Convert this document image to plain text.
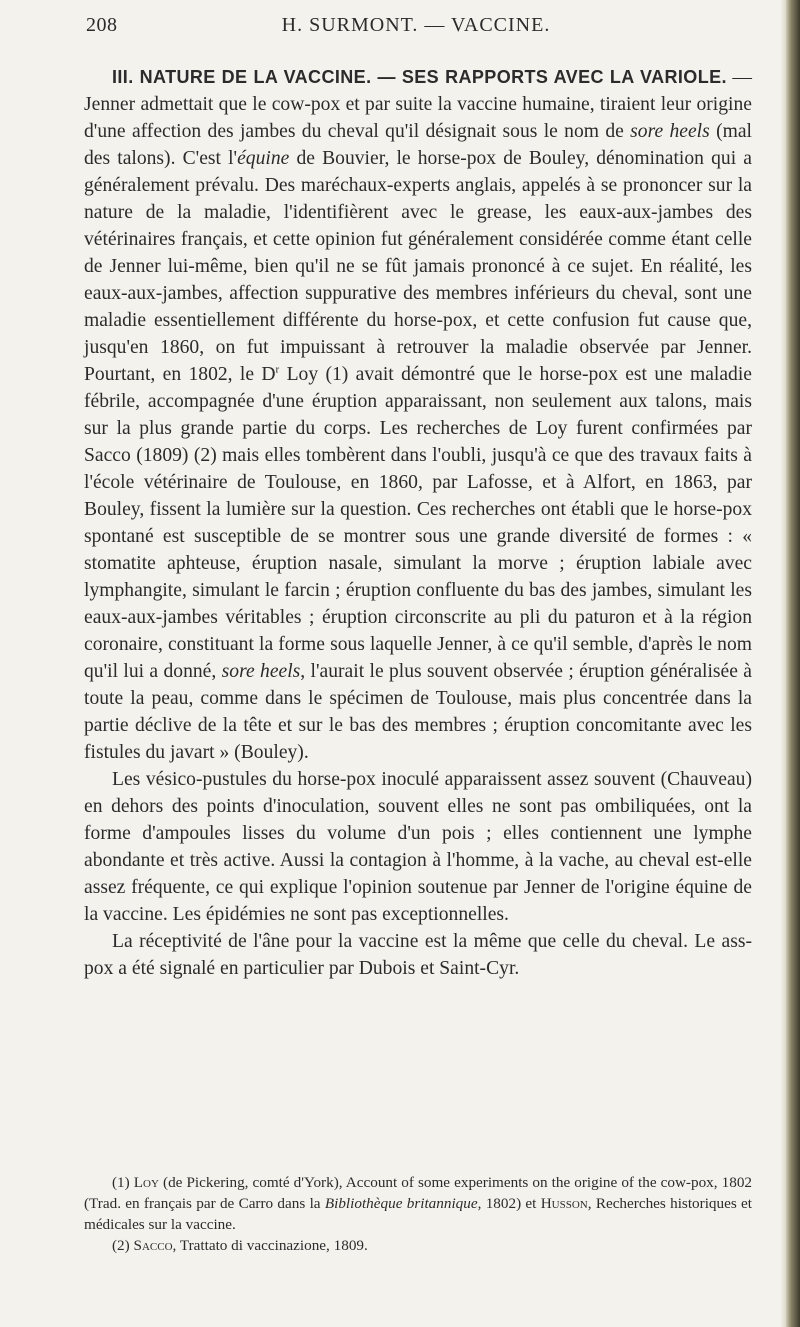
208	H. SURMONT. — VACCINE.

III. NATURE DE LA VACCINE. — SES RAPPORTS AVEC LA VARIOLE. — Jenner admettait que le cow-pox et par suite la vaccine humaine, tiraient leur origine d'une affection des jambes du cheval qu'il désignait sous le nom de sore heels (mal des talons). C'est l'équine de Bouvier, le horse-pox de Bouley, dénomination qui a généralement prévalu. Des maréchaux-experts anglais, appelés à se prononcer sur la nature de la maladie, l'identifièrent avec le grease, les eaux-aux-jambes des vétérinaires français, et cette opinion fut généralement considérée comme étant celle de Jenner lui-même, bien qu'il ne se fût jamais prononcé à ce sujet. En réalité, les eaux-aux-jambes, affection suppurative des membres inférieurs du cheval, sont une maladie essentiellement différente du horse-pox, et cette confusion fut cause que, jusqu'en 1860, on fut impuissant à retrouver la maladie observée par Jenner. Pourtant, en 1802, le $D^r$ Loy (1) avait démontré que le horse-pox est une maladie fébrile, accompagnée d'une éruption apparaissant, non seulement aux talons, mais sur la plus grande partie du corps. Les recherches de Loy furent confirmées par Sacco (1809) (2) mais elles tombèrent dans l'oubli, jusqu'à ce que des travaux faits à l'école vétérinaire de Toulouse, en 1860, par Lafosse, et à Alfort, en 1863, par Bouley, fissent la lumière sur la question. Ces recherches ont établi que le horse-pox spontané est susceptible de se montrer sous une grande diversité de formes : « stomatite aphteuse, éruption nasale, simulant la morve ; éruption labiale avec lymphangite, simulant le farcin ; éruption confluente du bas des jambes, simulant les eaux-aux-jambes véritables ; éruption circonscrite au pli du paturon et à la région coronaire, constituant la forme sous laquelle Jenner, à ce qu'il semble, d'après le nom qu'il lui a donné, sore heels, l'aurait le plus souvent observée ; éruption généralisée à toute la peau, comme dans le spécimen de Toulouse, mais plus concentrée dans la partie déclive de la tête et sur le bas des membres ; éruption concomitante avec les fistules du javart » (Bouley).

Les vésico-pustules du horse-pox inoculé apparaissent assez souvent (Chauveau) en dehors des points d'inoculation, souvent elles ne sont pas ombiliquées, ont la forme d'ampoules lisses du volume d'un pois ; elles contiennent une lymphe abondante et très active. Aussi la contagion à l'homme, à la vache, au cheval est-elle assez fréquente, ce qui explique l'opinion soutenue par Jenner de l'origine équine de la vaccine. Les épidémies ne sont pas exceptionnelles.

La réceptivité de l'âne pour la vaccine est la même que celle du cheval. Le ass-pox a été signalé en particulier par Dubois et Saint-Cyr.

(1) Loy (de Pickering, comté d'York), Account of some experiments on the origine of the cow-pox, 1802 (Trad. en français par de Carro dans la Bibliothèque britannique, 1802) et Husson, Recherches historiques et médicales sur la vaccine.

(2) Sacco, Trattato di vaccinazione, 1809.
